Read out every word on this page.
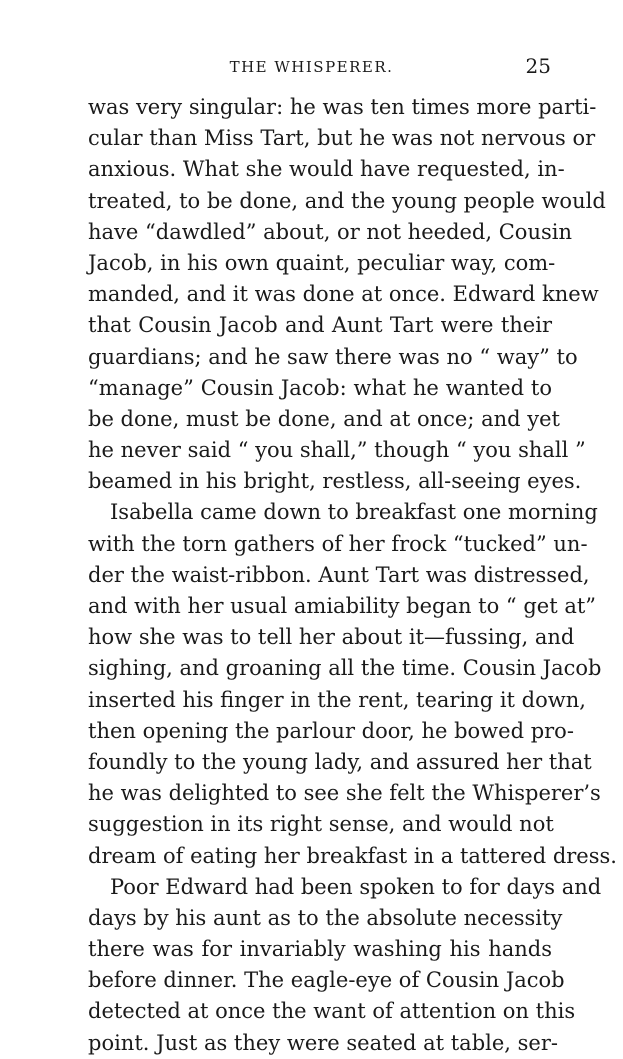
THE WHISPERER.	25
was very singular: he was ten times more parti-
cular than Miss Tart, but he was not nervous or
anxious. What she would have requested, in-
treated, to be done, and the young people would
have “dawdled” about, or not heeded, Cousin
Jacob, in his own quaint, peculiar way, com-
manded, and it was done at once. Edward knew
that Cousin Jacob and Aunt Tart were their
guardians; and he saw there was no “ way” to
“manage” Cousin Jacob: what he wanted to
be done, must be done, and at once; and yet
he never said “ you shall,” though “ you shall ”
beamed in his bright, restless, all-seeing eyes.
Isabella came down to breakfast one morning
with the torn gathers of her frock “tucked” un-
der the waist-ribbon. Aunt Tart was distressed,
and with her usual amiability began to “ get at”
how she was to tell her about it—fussing, and
sighing, and groaning all the time. Cousin Jacob
inserted his finger in the rent, tearing it down,
then opening the parlour door, he bowed pro-
foundly to the young lady, and assured her that
he was delighted to see she felt the Whisperer’s
suggestion in its right sense, and would not
dream of eating her breakfast in a tattered dress.
Poor Edward had been spoken to for days and
days by his aunt as to the absolute necessity
there was for invariably washing his hands
before dinner. The eagle-eye of Cousin Jacob
detected at once the want of attention on this
point. Just as they were seated at table, ser-
